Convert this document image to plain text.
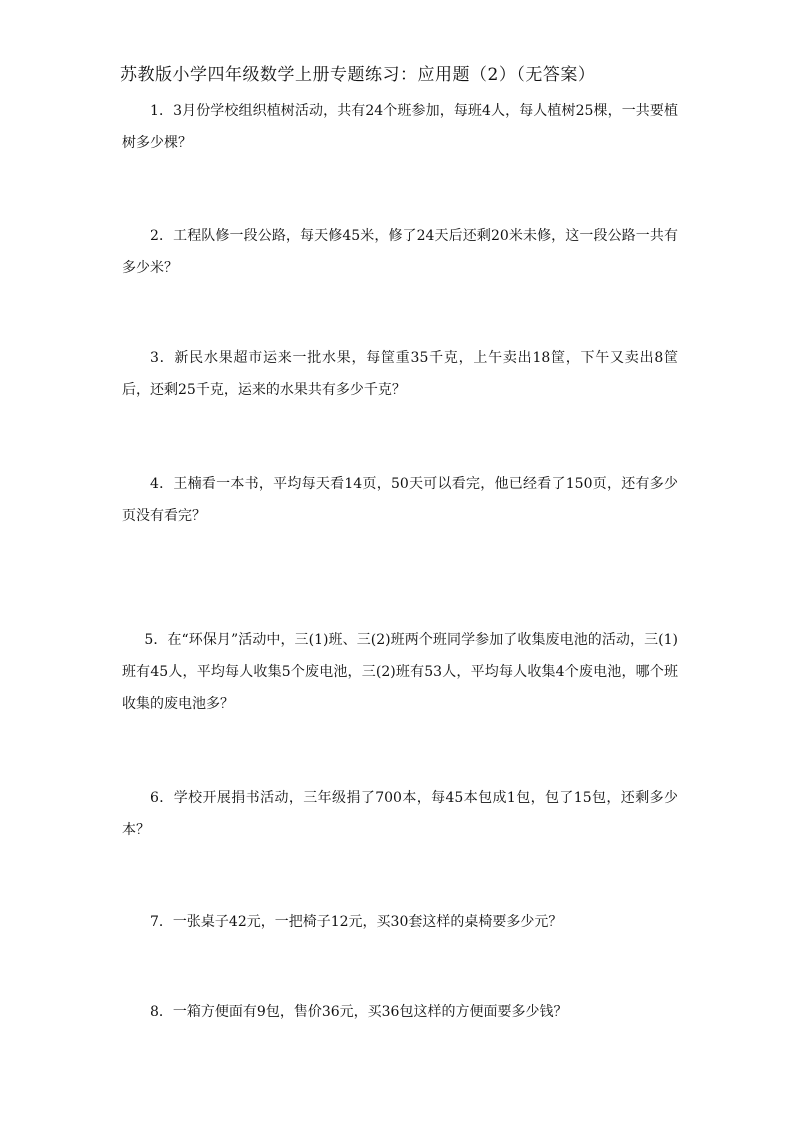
苏教版小学四年级数学上册专题练习：应用题（2）（无答案）

1．3月份学校组织植树活动，共有24个班参加，每班4人，每人植树25棵，一共要植树多少棵？

2．工程队修一段公路，每天修45米，修了24天后还剩20米未修，这一段公路一共有多少米？

3．新民水果超市运来一批水果，每筐重35千克，上午卖出18筐，下午又卖出8筐后，还剩25千克，运来的水果共有多少千克？

4．王楠看一本书，平均每天看14页，50天可以看完，他已经看了150页，还有多少页没有看完？

5．在“环保月”活动中，三(1)班、三(2)班两个班同学参加了收集废电池的活动，三(1)班有45人，平均每人收集5个废电池，三(2)班有53人，平均每人收集4个废电池，哪个班收集的废电池多？

6．学校开展捐书活动，三年级捐了700本，每45本包成1包，包了15包，还剩多少本？

7．一张桌子42元，一把椅子12元，买30套这样的桌椅要多少元？

8．一箱方便面有9包，售价36元，买36包这样的方便面要多少钱？
